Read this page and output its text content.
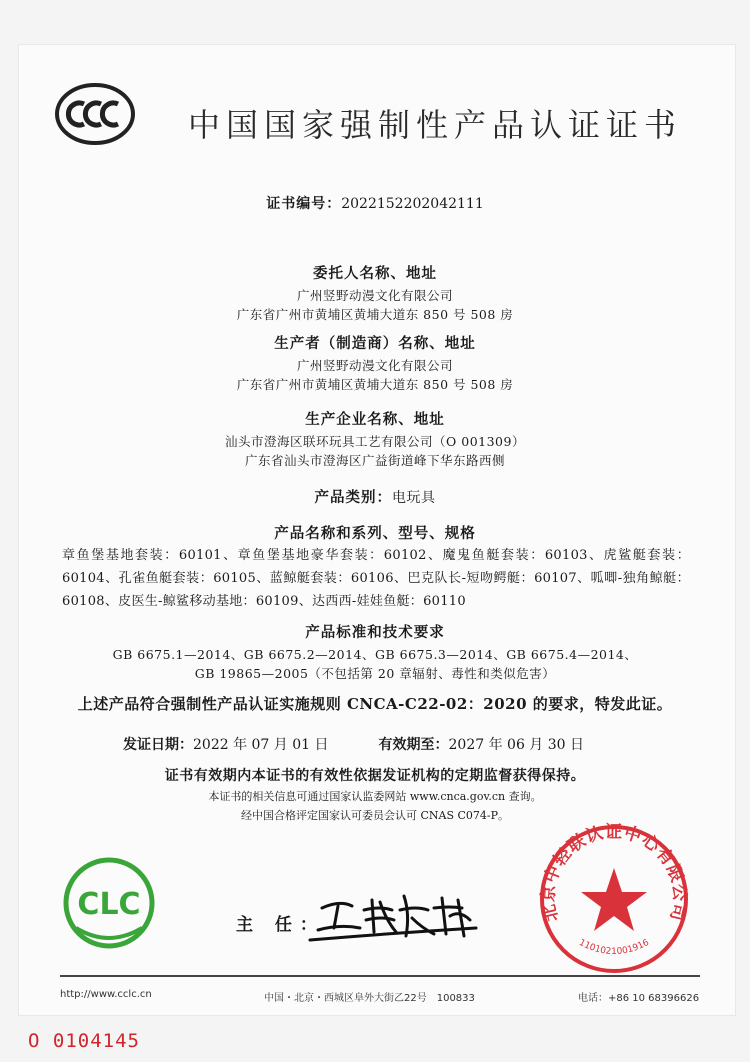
中国国家强制性产品认证证书
证书编号：2022152202042111
委托人名称、地址
广州竖野动漫文化有限公司
广东省广州市黄埔区黄埔大道东 850 号 508 房
生产者（制造商）名称、地址
广州竖野动漫文化有限公司
广东省广州市黄埔区黄埔大道东 850 号 508 房
生产企业名称、地址
汕头市澄海区联环玩具工艺有限公司（O 001309）
广东省汕头市澄海区广益街道峰下华东路西侧
产品类别：电玩具
产品名称和系列、型号、规格
章鱼堡基地套装：60101、章鱼堡基地豪华套装：60102、魔鬼鱼艇套装：60103、虎鲨艇套装：60104、孔雀鱼艇套装：60105、蓝鲸艇套装：60106、巴克队长-短吻鳄艇：60107、呱唧-独角鲸艇：60108、皮医生-鲸鲨移动基地：60109、达西西-娃娃鱼艇：60110
产品标准和技术要求
GB 6675.1—2014、GB 6675.2—2014、GB 6675.3—2014、GB 6675.4—2014、
GB 19865—2005（不包括第 20 章辐射、毒性和类似危害）
上述产品符合强制性产品认证实施规则 CNCA-C22-02：2020 的要求，特发此证。
发证日期：2022 年 07 月 01 日	有效期至：2027 年 06 月 30 日
证书有效期内本证书的有效性依据发证机构的定期监督获得保持。
本证书的相关信息可通过国家认监委网站 www.cnca.gov.cn 查询。
经中国合格评定国家认可委员会认可 CNAS C074-P。
CLC
主 任：
北京中轻联认证中心有限公司
1101021001916
http://www.cclc.cn	中国・北京・西城区阜外大街乙22号　100833	电话：+86 10 68396626
O 0104145
